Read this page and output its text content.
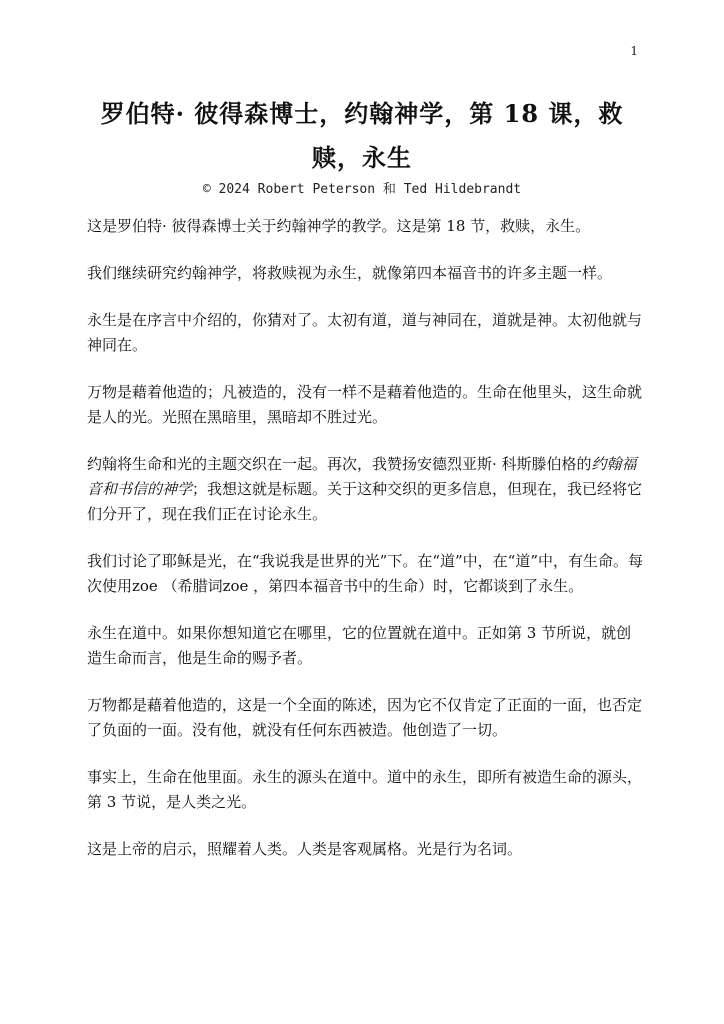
1
罗伯特· 彼得森博士，约翰神学，第 18 课，救赎，永生
© 2024 Robert Peterson 和 Ted Hildebrandt

这是罗伯特· 彼得森博士关于约翰神学的教学。这是第 18 节，救赎，永生。

我们继续研究约翰神学，将救赎视为永生，就像第四本福音书的许多主题一样。

永生是在序言中介绍的，你猜对了。太初有道，道与神同在，道就是神。太初他就与神同在。

万物是藉着他造的；凡被造的，没有一样不是藉着他造的。生命在他里头，这生命就是人的光。光照在黑暗里，黑暗却不胜过光。

约翰将生命和光的主题交织在一起。再次，我赞扬安德烈亚斯· 科斯滕伯格的约翰福音和书信的神学；我想这就是标题。关于这种交织的更多信息，但现在，我已经将它们分开了，现在我们正在讨论永生。

我们讨论了耶稣是光，在“我说我是世界的光”下。在“道”中，在“道”中，有生命。每次使用zoe （希腊词zoe ，第四本福音书中的生命）时，它都谈到了永生。

永生在道中。如果你想知道它在哪里，它的位置就在道中。正如第 3 节所说，就创造生命而言，他是生命的赐予者。

万物都是藉着他造的，这是一个全面的陈述，因为它不仅肯定了正面的一面，也否定了负面的一面。没有他，就没有任何东西被造。他创造了一切。

事实上，生命在他里面。永生的源头在道中。道中的永生，即所有被造生命的源头， 第 3 节说，是人类之光。

这是上帝的启示，照耀着人类。人类是客观属格。光是行为名词。
